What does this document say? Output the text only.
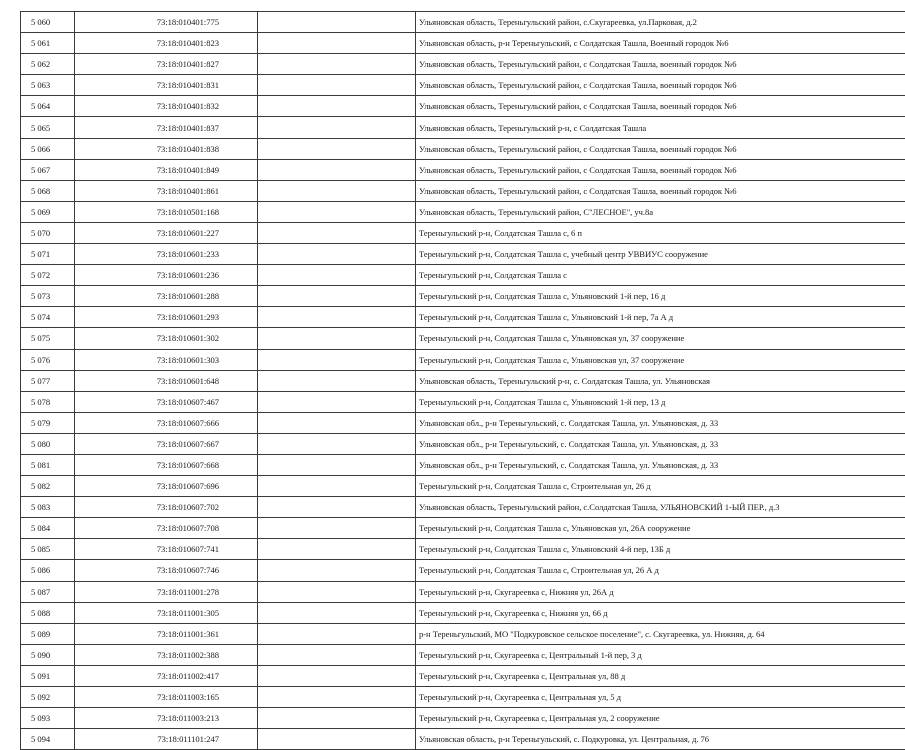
5 060	73:18:010401:775		Ульяновская область, Тереньгульский район, с.Скугареевка, ул.Парковая, д.2
5 061	73:18:010401:823		Ульяновская область, р-н Тереньгульский, с Солдатская Ташла, Военный городок №6
5 062	73:18:010401:827		Ульяновская область, Тереньгульский район, с Солдатская Ташла, военный городок №6
5 063	73:18:010401:831		Ульяновская область, Тереньгульский район, с Солдатская Ташла, военный городок №6
5 064	73:18:010401:832		Ульяновская область, Тереньгульский район, с Солдатская Ташла, военный городок №6
5 065	73:18:010401:837		Ульяновская область, Тереньгульский р-н, с Солдатская Ташла
5 066	73:18:010401:838		Ульяновская область, Тереньгульский район, с Солдатская Ташла, военный городок №6
5 067	73:18:010401:849		Ульяновская область, Тереньгульский район, с Солдатская Ташла, военный городок №6
5 068	73:18:010401:861		Ульяновская область, Тереньгульский район, с Солдатская Ташла, военный городок №6
5 069	73:18:010501:168		Ульяновская область, Тереньгульский район, С"ЛЕСНОЕ", уч.8а
5 070	73:18:010601:227		Тереньгульский р-н, Солдатская Ташла с, 6 п
5 071	73:18:010601:233		Тереньгульский р-н, Солдатская Ташла с, учебный центр УВВИУС сооружение
5 072	73:18:010601:236		Тереньгульский р-н, Солдатская Ташла с
5 073	73:18:010601:288		Тереньгульский р-н, Солдатская Ташла с, Ульяновский 1-й пер, 16 д
5 074	73:18:010601:293		Тереньгульский р-н, Солдатская Ташла с, Ульяновский 1-й пер, 7а А д
5 075	73:18:010601:302		Тереньгульский р-н, Солдатская Ташла с, Ульяновская ул, 37 сооружение
5 076	73:18:010601:303		Тереньгульский р-н, Солдатская Ташла с, Ульяновская ул, 37 сооружение
5 077	73:18:010601:648		Ульяновская область, Тереньгульский р-н, с. Солдатская Ташла, ул. Ульяновская
5 078	73:18:010607:467		Тереньгульский р-н, Солдатская Ташла с, Ульяновский 1-й пер, 13 д
5 079	73:18:010607:666		Ульяновская обл., р-н Тереньгульский, с. Солдатская Ташла, ул. Ульяновская, д. 33
5 080	73:18:010607:667		Ульяновская обл., р-н Тереньгульский, с. Солдатская Ташла, ул. Ульяновская, д. 33
5 081	73:18:010607:668		Ульяновская обл., р-н Тереньгульский, с. Солдатская Ташла, ул. Ульяновская, д. 33
5 082	73:18:010607:696		Тереньгульский р-н, Солдатская Ташла с, Строительная ул, 26 д
5 083	73:18:010607:702		Ульяновская область, Тереньгульский район, с.Солдатская Ташла, УЛЬЯНОВСКИЙ 1-ЫЙ ПЕР., д.3
5 084	73:18:010607:708		Тереньгульский р-н, Солдатская Ташла с, Ульяновская ул, 26А сооружение
5 085	73:18:010607:741		Тереньгульский р-н, Солдатская Ташла с, Ульяновский 4-й пер, 13Б д
5 086	73:18:010607:746		Тереньгульский р-н, Солдатская Ташла с, Строительная ул, 26 А д
5 087	73:18:011001:278		Тереньгульский р-н, Скугареевка с, Нижняя ул, 26А д
5 088	73:18:011001:305		Тереньгульский р-н, Скугареевка с, Нижняя ул, 66 д
5 089	73:18:011001:361		р-н Тереньгульский, МО "Подкуровское сельское поселение", с. Скугареевка, ул. Нижняя, д. 64
5 090	73:18:011002:388		Тереньгульский р-н, Скугареевка с, Центральный 1-й пер, 3 д
5 091	73:18:011002:417		Тереньгульский р-н, Скугареевка с, Центральная ул, 88 д
5 092	73:18:011003:165		Тереньгульский р-н, Скугареевка с, Центральная ул, 5 д
5 093	73:18:011003:213		Тереньгульский р-н, Скугареевка с, Центральная ул, 2 сооружение
5 094	73:18:011101:247		Ульяновская область, р-н Тереньгульский, с. Подкуровка, ул. Центральная, д. 76
